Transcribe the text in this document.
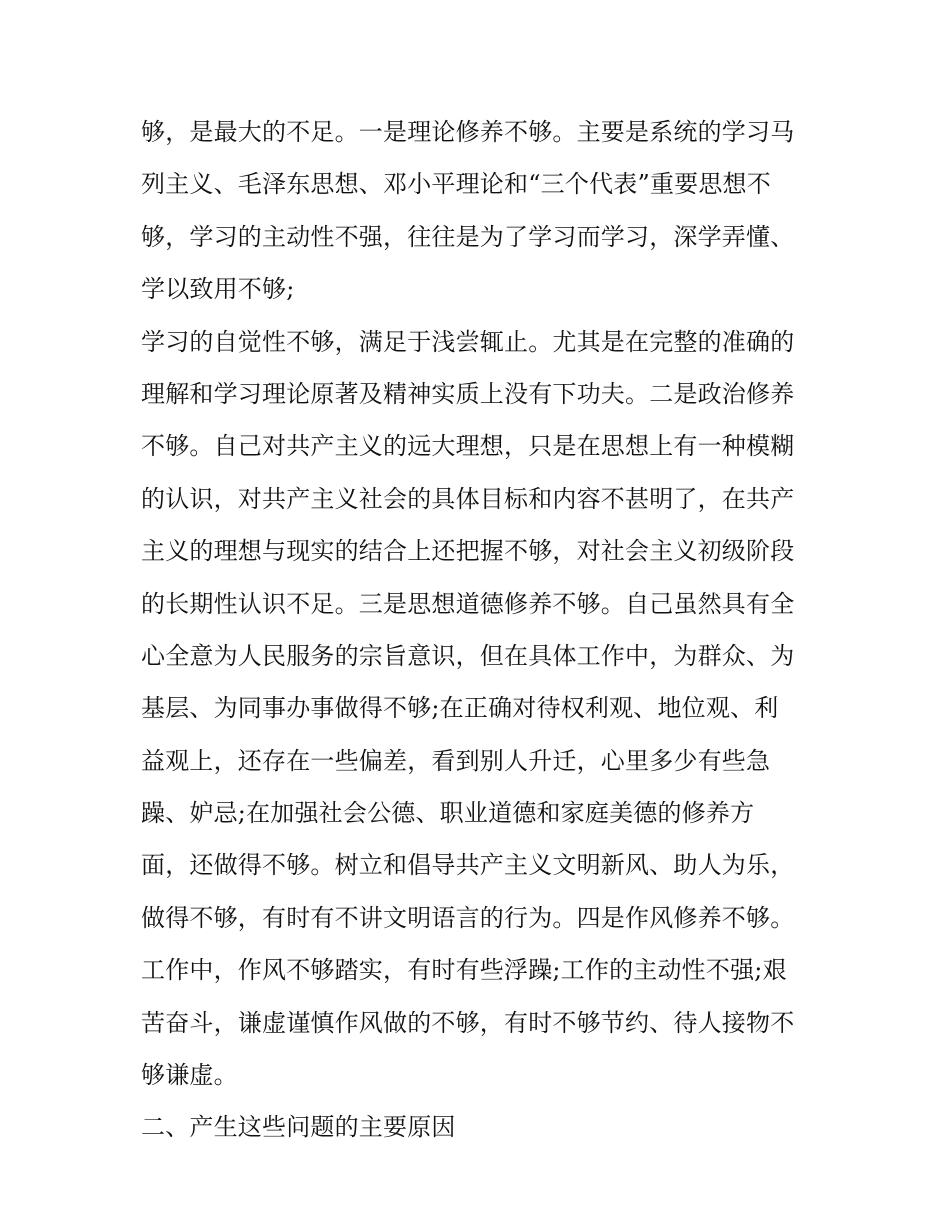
够，是最大的不足。一是理论修养不够。主要是系统的学习马
列主义、毛泽东思想、邓小平理论和“三个代表”重要思想不
够，学习的主动性不强，往往是为了学习而学习，深学弄懂、
学以致用不够;
学习的自觉性不够，满足于浅尝辄止。尤其是在完整的准确的
理解和学习理论原著及精神实质上没有下功夫。二是政治修养
不够。自己对共产主义的远大理想，只是在思想上有一种模糊
的认识，对共产主义社会的具体目标和内容不甚明了，在共产
主义的理想与现实的结合上还把握不够，对社会主义初级阶段
的长期性认识不足。三是思想道德修养不够。自己虽然具有全
心全意为人民服务的宗旨意识，但在具体工作中，为群众、为
基层、为同事办事做得不够;在正确对待权利观、地位观、利
益观上，还存在一些偏差，看到别人升迁，心里多少有些急
躁、妒忌;在加强社会公德、职业道德和家庭美德的修养方
面，还做得不够。树立和倡导共产主义文明新风、助人为乐，
做得不够，有时有不讲文明语言的行为。四是作风修养不够。
工作中，作风不够踏实，有时有些浮躁;工作的主动性不强;艰
苦奋斗，谦虚谨慎作风做的不够，有时不够节约、待人接物不
够谦虚。
二、产生这些问题的主要原因
